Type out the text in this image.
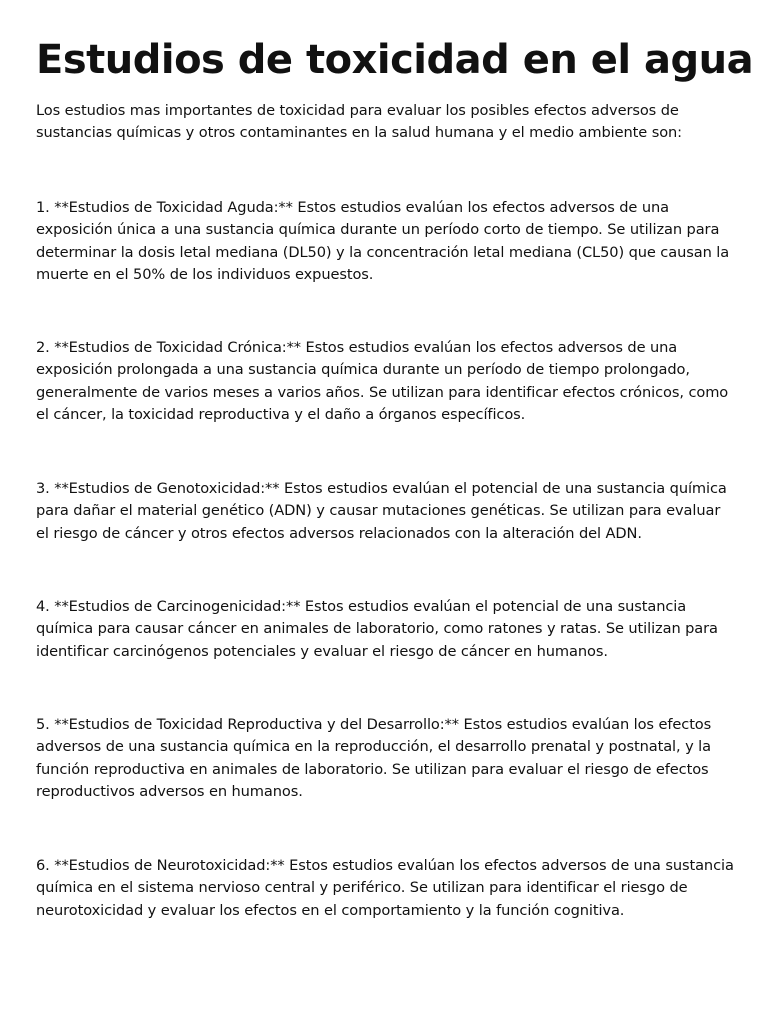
Estudios de toxicidad en el agua

Los estudios mas importantes de toxicidad para evaluar los posibles efectos adversos de sustancias químicas y otros contaminantes en la salud humana y el medio ambiente son:

1. **Estudios de Toxicidad Aguda:** Estos estudios evalúan los efectos adversos de una exposición única a una sustancia química durante un período corto de tiempo. Se utilizan para determinar la dosis letal mediana (DL50) y la concentración letal mediana (CL50) que causan la muerte en el 50% de los individuos expuestos.

2. **Estudios de Toxicidad Crónica:** Estos estudios evalúan los efectos adversos de una exposición prolongada a una sustancia química durante un período de tiempo prolongado, generalmente de varios meses a varios años. Se utilizan para identificar efectos crónicos, como el cáncer, la toxicidad reproductiva y el daño a órganos específicos.

3. **Estudios de Genotoxicidad:** Estos estudios evalúan el potencial de una sustancia química para dañar el material genético (ADN) y causar mutaciones genéticas. Se utilizan para evaluar el riesgo de cáncer y otros efectos adversos relacionados con la alteración del ADN.

4. **Estudios de Carcinogenicidad:** Estos estudios evalúan el potencial de una sustancia química para causar cáncer en animales de laboratorio, como ratones y ratas. Se utilizan para identificar carcinógenos potenciales y evaluar el riesgo de cáncer en humanos.

5. **Estudios de Toxicidad Reproductiva y del Desarrollo:** Estos estudios evalúan los efectos adversos de una sustancia química en la reproducción, el desarrollo prenatal y postnatal, y la función reproductiva en animales de laboratorio. Se utilizan para evaluar el riesgo de efectos reproductivos adversos en humanos.

6. **Estudios de Neurotoxicidad:** Estos estudios evalúan los efectos adversos de una sustancia química en el sistema nervioso central y periférico. Se utilizan para identificar el riesgo de neurotoxicidad y evaluar los efectos en el comportamiento y la función cognitiva.
